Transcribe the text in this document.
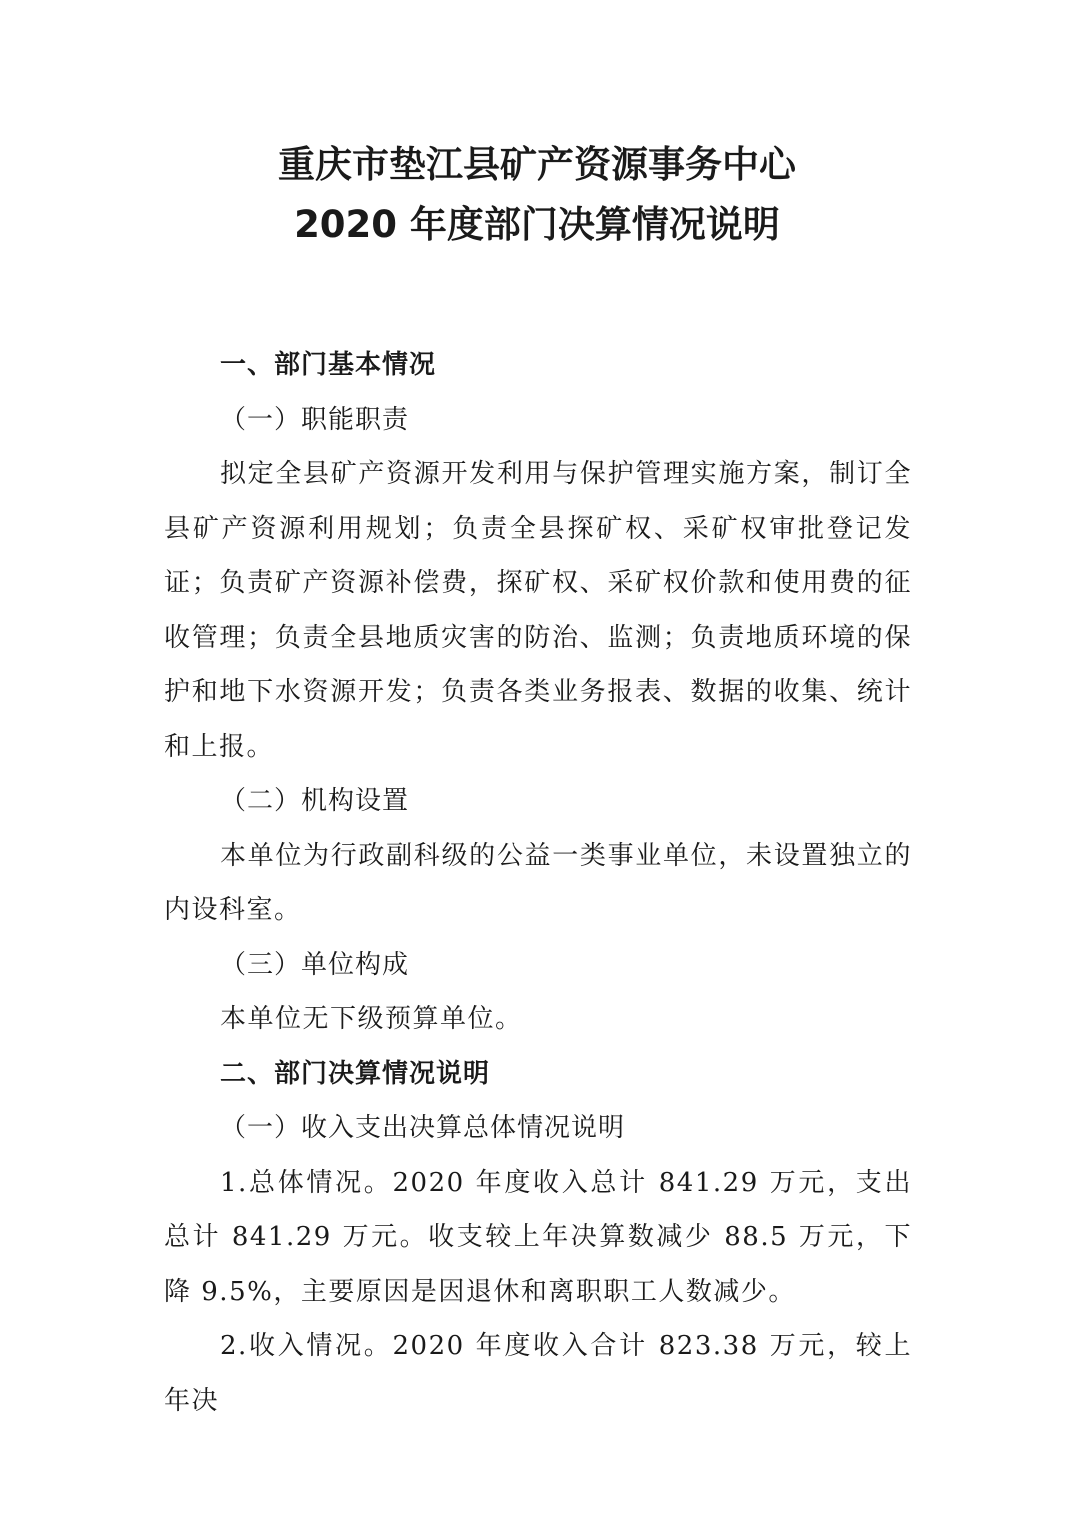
重庆市垫江县矿产资源事务中心
2020 年度部门决算情况说明

一、部门基本情况

（一）职能职责

拟定全县矿产资源开发利用与保护管理实施方案，制订全县矿产资源利用规划；负责全县探矿权、采矿权审批登记发证；负责矿产资源补偿费，探矿权、采矿权价款和使用费的征收管理；负责全县地质灾害的防治、监测；负责地质环境的保护和地下水资源开发；负责各类业务报表、数据的收集、统计和上报。

（二）机构设置

本单位为行政副科级的公益一类事业单位，未设置独立的内设科室。

（三）单位构成

本单位无下级预算单位。

二、部门决算情况说明

（一）收入支出决算总体情况说明

1.总体情况。2020 年度收入总计 841.29 万元，支出总计 841.29 万元。收支较上年决算数减少 88.5 万元，下降 9.5%，主要原因是因退休和离职职工人数减少。

2.收入情况。2020 年度收入合计 823.38 万元，较上年决
